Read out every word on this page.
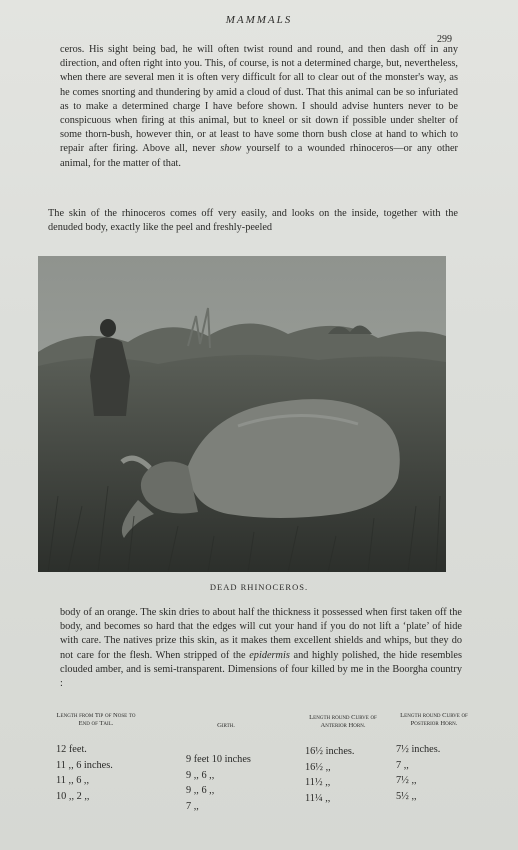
MAMMALS
299

ceros. His sight being bad, he will often twist round and round, and then dash off in any direction, and often right into you. This, of course, is not a determined charge, but, nevertheless, when there are several men it is often very difficult for all to clear out of the monster's way, as he comes snorting and thundering by amid a cloud of dust. That this animal can be so infuriated as to make a determined charge I have before shown. I should advise hunters never to be conspicuous when firing at this animal, but to kneel or sit down if possible under shelter of some thorn-bush, however thin, or at least to have some thorn bush close at hand to which to repair after firing. Above all, never show yourself to a wounded rhinoceros—or any other animal, for the matter of that.

The skin of the rhinoceros comes off very easily, and looks on the inside, together with the denuded body, exactly like the peel and freshly-peeled

DEAD RHINOCEROS.

body of an orange. The skin dries to about half the thickness it possessed when first taken off the body, and becomes so hard that the edges will cut your hand if you do not lift a ‘plate’ of hide with care. The natives prize this skin, as it makes them excellent shields and whips, but they do not care for the flesh. When stripped of the epidermis and highly polished, the hide resembles clouded amber, and is semi-transparent. Dimensions of four killed by me in the Boorgha country :

Length from Tip of Nose to End of Tail.
12 feet.
11 ,, 6 inches.
11 ,, 6 ,,
10 ,, 2 ,,
Girth.
9 feet 10 inches
9 ,, 6 ,,
9 ,, 6 ,,
7 ,,
Length round Curve of Anterior Horn.
16½ inches.
16½ ,,
11½ ,,
11¼ ,,
Length round Curve of Posterior Horn.
7½ inches.
7 ,,
7½ ,,
5½ ,,
